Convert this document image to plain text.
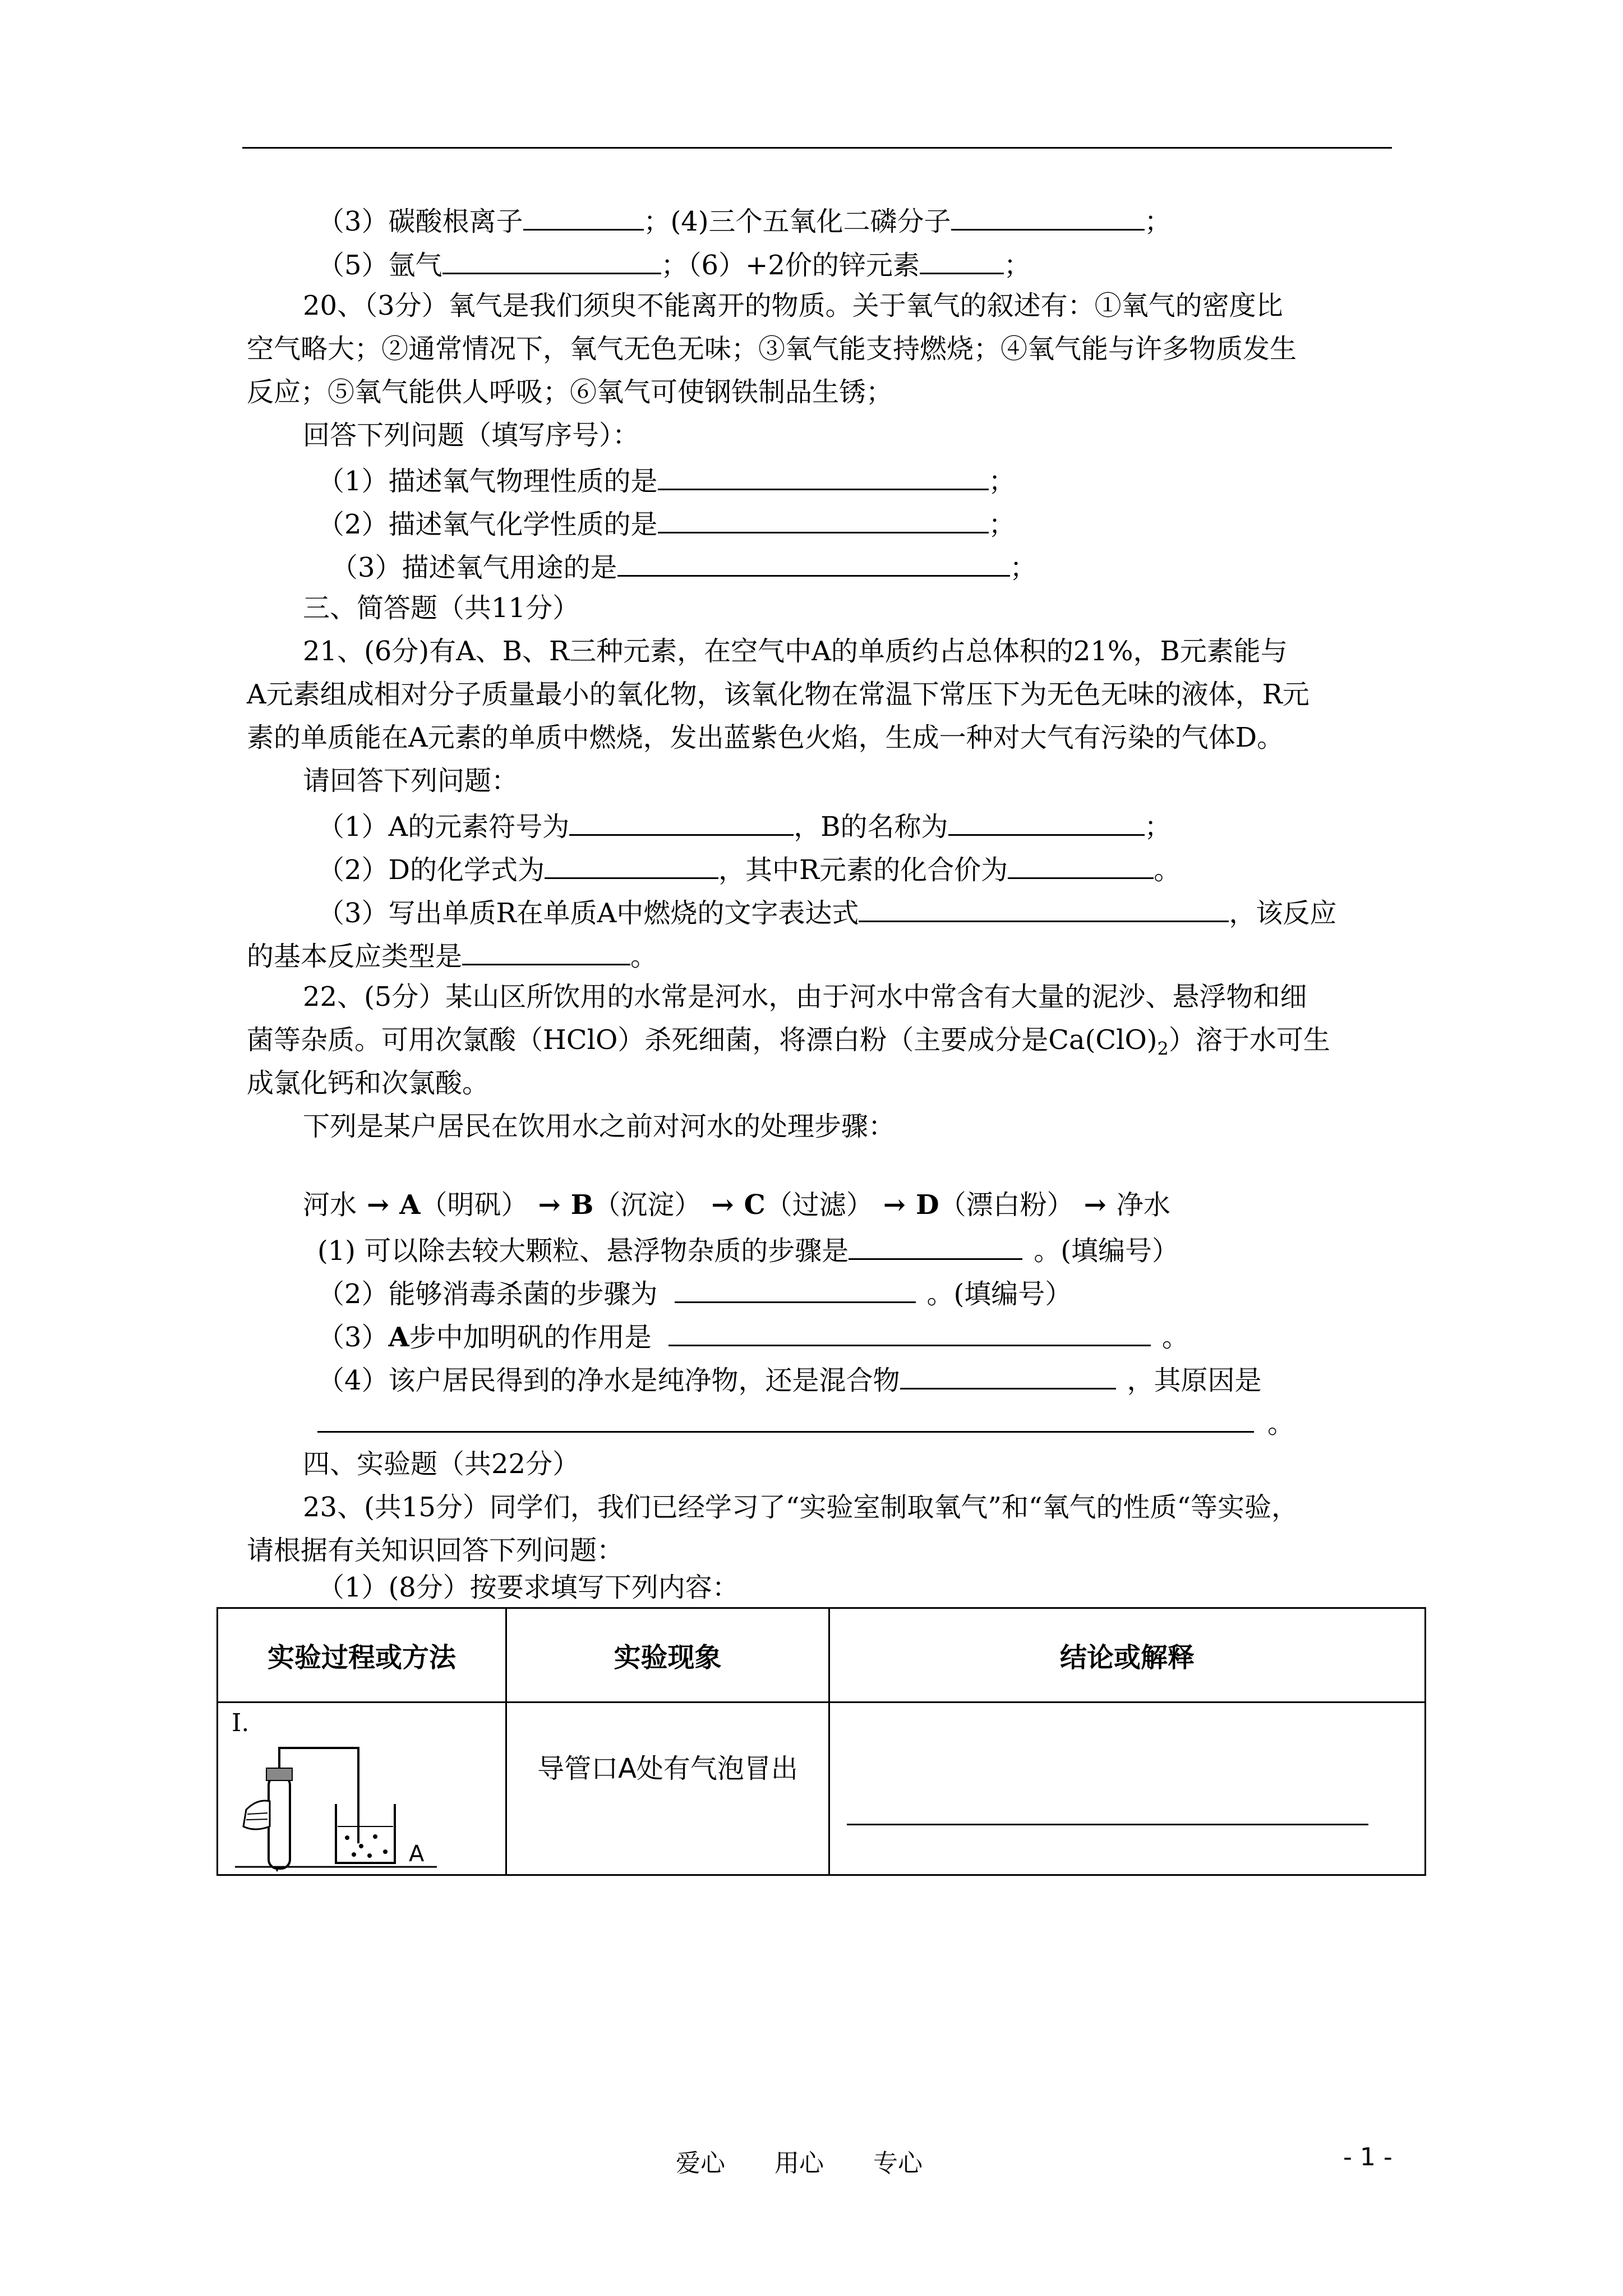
（3）碳酸根离子	；(4)三个五氧化二磷分子	；
（5）氩气	；（6）+2价的锌元素	；
20、（3分）氧气是我们须臾不能离开的物质。关于氧气的叙述有：①氧气的密度比
空气略大；②通常情况下，氧气无色无味；③氧气能支持燃烧；④氧气能与许多物质发生
反应；⑤氧气能供人呼吸；⑥氧气可使钢铁制品生锈；
回答下列问题（填写序号）：
（1）描述氧气物理性质的是	；
（2）描述氧气化学性质的是	；
（3）描述氧气用途的是	；
三、简答题（共11分）
21、(6分)有A、B、R三种元素，在空气中A的单质约占总体积的21%，B元素能与
A元素组成相对分子质量最小的氧化物，该氧化物在常温下常压下为无色无味的液体，R元
素的单质能在A元素的单质中燃烧，发出蓝紫色火焰，生成一种对大气有污染的气体D。
请回答下列问题：
（1）A的元素符号为	，B的名称为	；
（2）D的化学式为	，其中R元素的化合价为	。
（3）写出单质R在单质A中燃烧的文字表达式	，该反应
的基本反应类型是	。
22、(5分）某山区所饮用的水常是河水，由于河水中常含有大量的泥沙、悬浮物和细
菌等杂质。可用次氯酸（HClO）杀死细菌，将漂白粉（主要成分是$Ca(ClO)_2$）溶于水可生
成氯化钙和次氯酸。
下列是某户居民在饮用水之前对河水的处理步骤：
河水 → A（明矾） → B（沉淀） → C（过滤） → D（漂白粉） → 净水
(1) 可以除去较大颗粒、悬浮物杂质的步骤是	。(填编号）
（2）能够消毒杀菌的步骤为	。(填编号）
（3）A步中加明矾的作用是	。
（4）该户居民得到的净水是纯净物，还是混合物	，其原因是
。
四、实验题（共22分）
23、(共15分）同学们，我们已经学习了“实验室制取氧气”和“氧气的性质“等实验，
请根据有关知识回答下列问题：
（1）(8分）按要求填写下列内容：
实验过程或方法	实验现象	结论或解释

I.
A	导管口A处有气泡冒出	

爱心　　用心　　专心	- 1 -
